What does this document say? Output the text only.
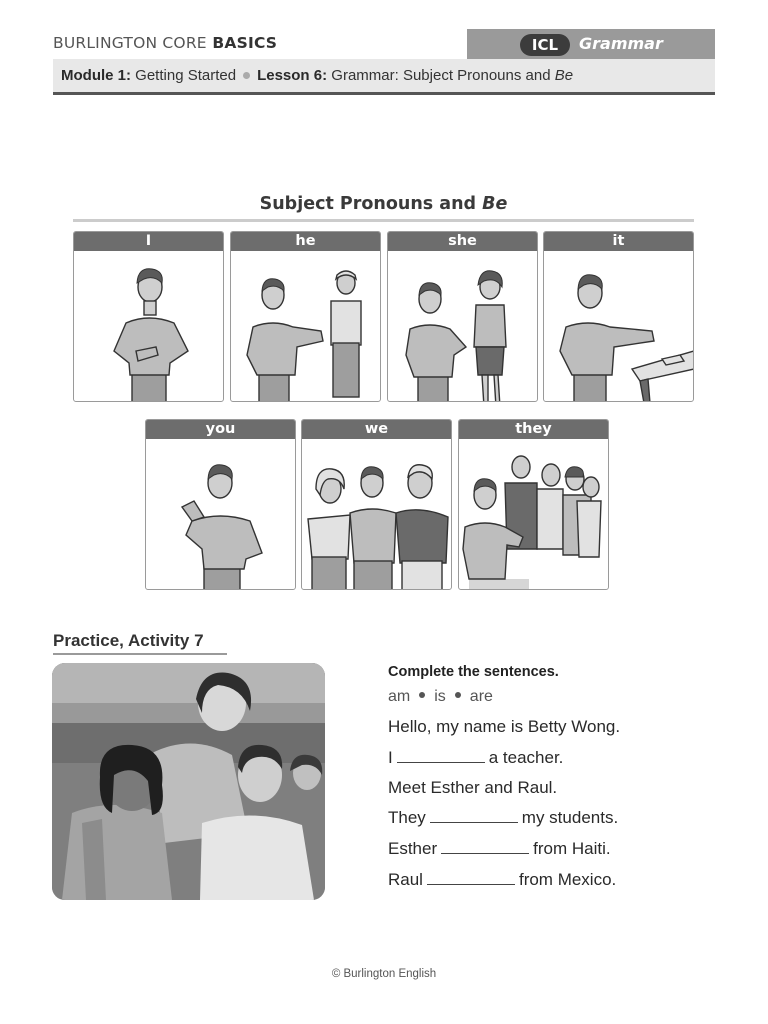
BURLINGTON CORE BASICS	ICL	Grammar
Module 1: Getting Started Lesson 6: Grammar: Subject Pronouns and Be
Subject Pronouns and Be
I	he	she	it
you	we	they
Practice, Activity 7
Complete the sentences.
am is are
Hello, my name is Betty Wong.
I	a teacher.
Meet Esther and Raul.
They	my students.
Esther	from Haiti.
Raul	from Mexico.
© Burlington English
